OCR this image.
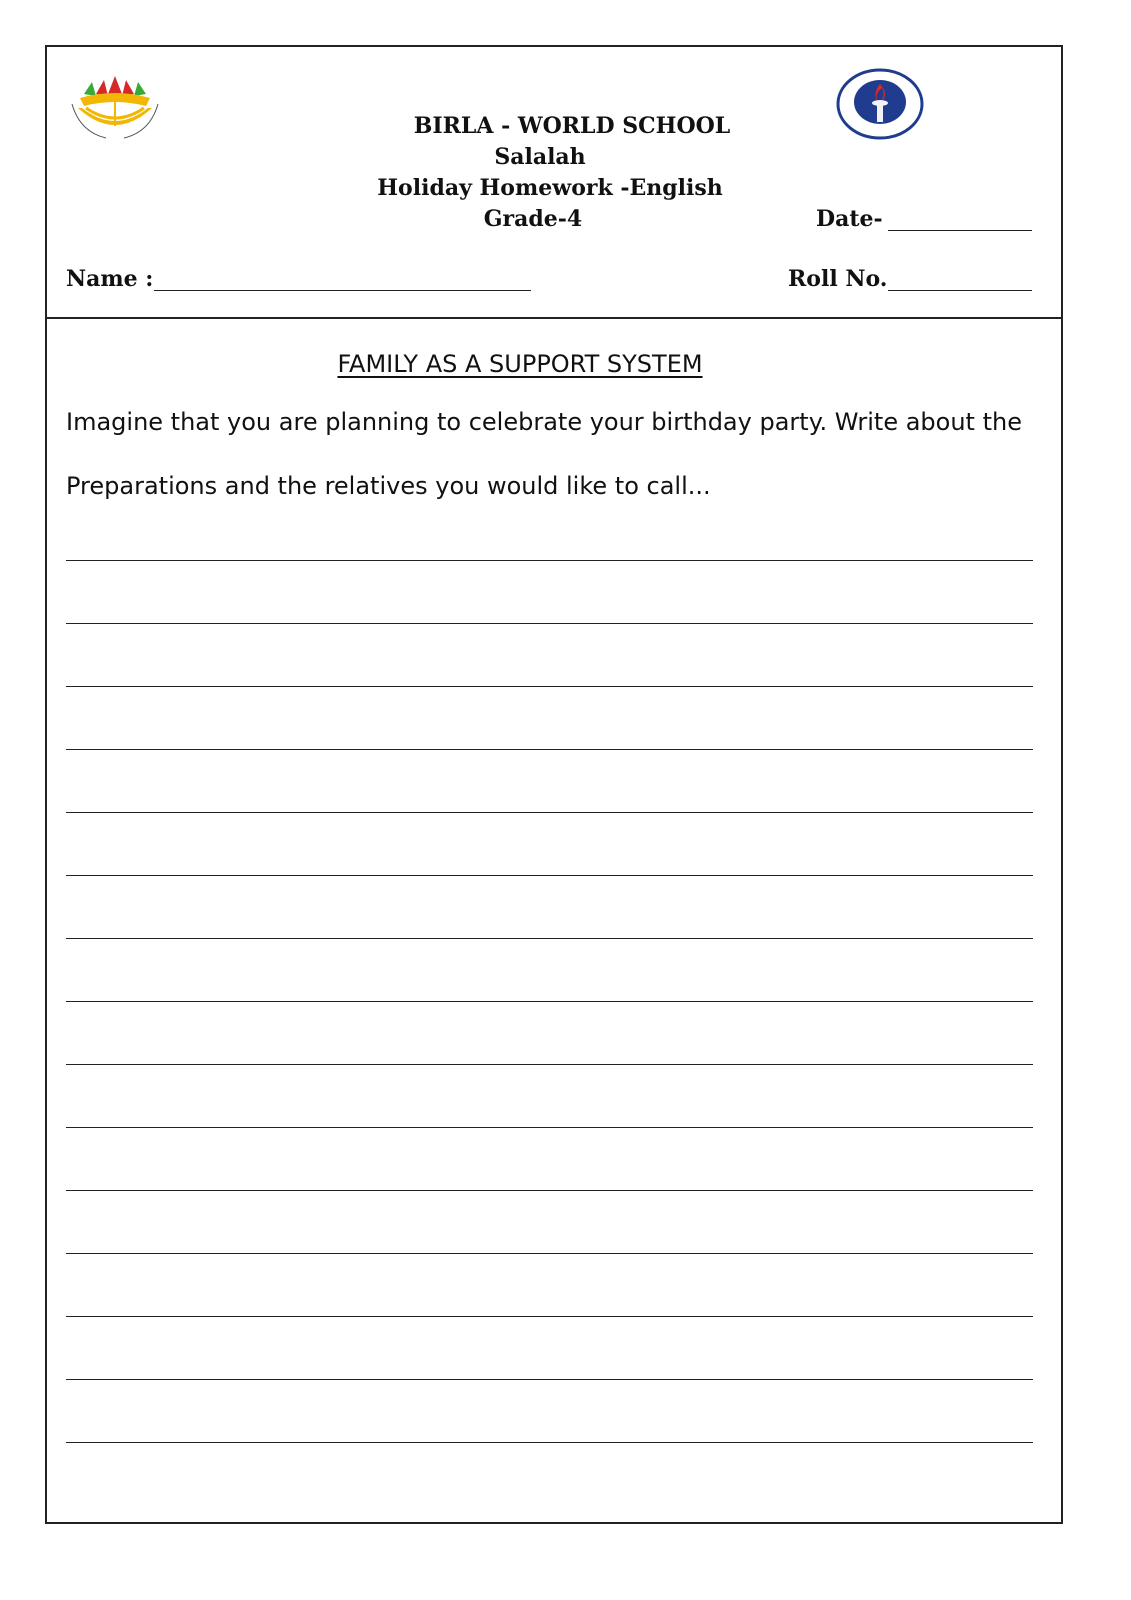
BIRLA - WORLD SCHOOL
Salalah
Holiday Homework -English
Grade-4	Date-
Name :	Roll No.
FAMILY AS A SUPPORT SYSTEM
Imagine that you are planning to celebrate your birthday party. Write about the
Preparations and the relatives you would like to call...
